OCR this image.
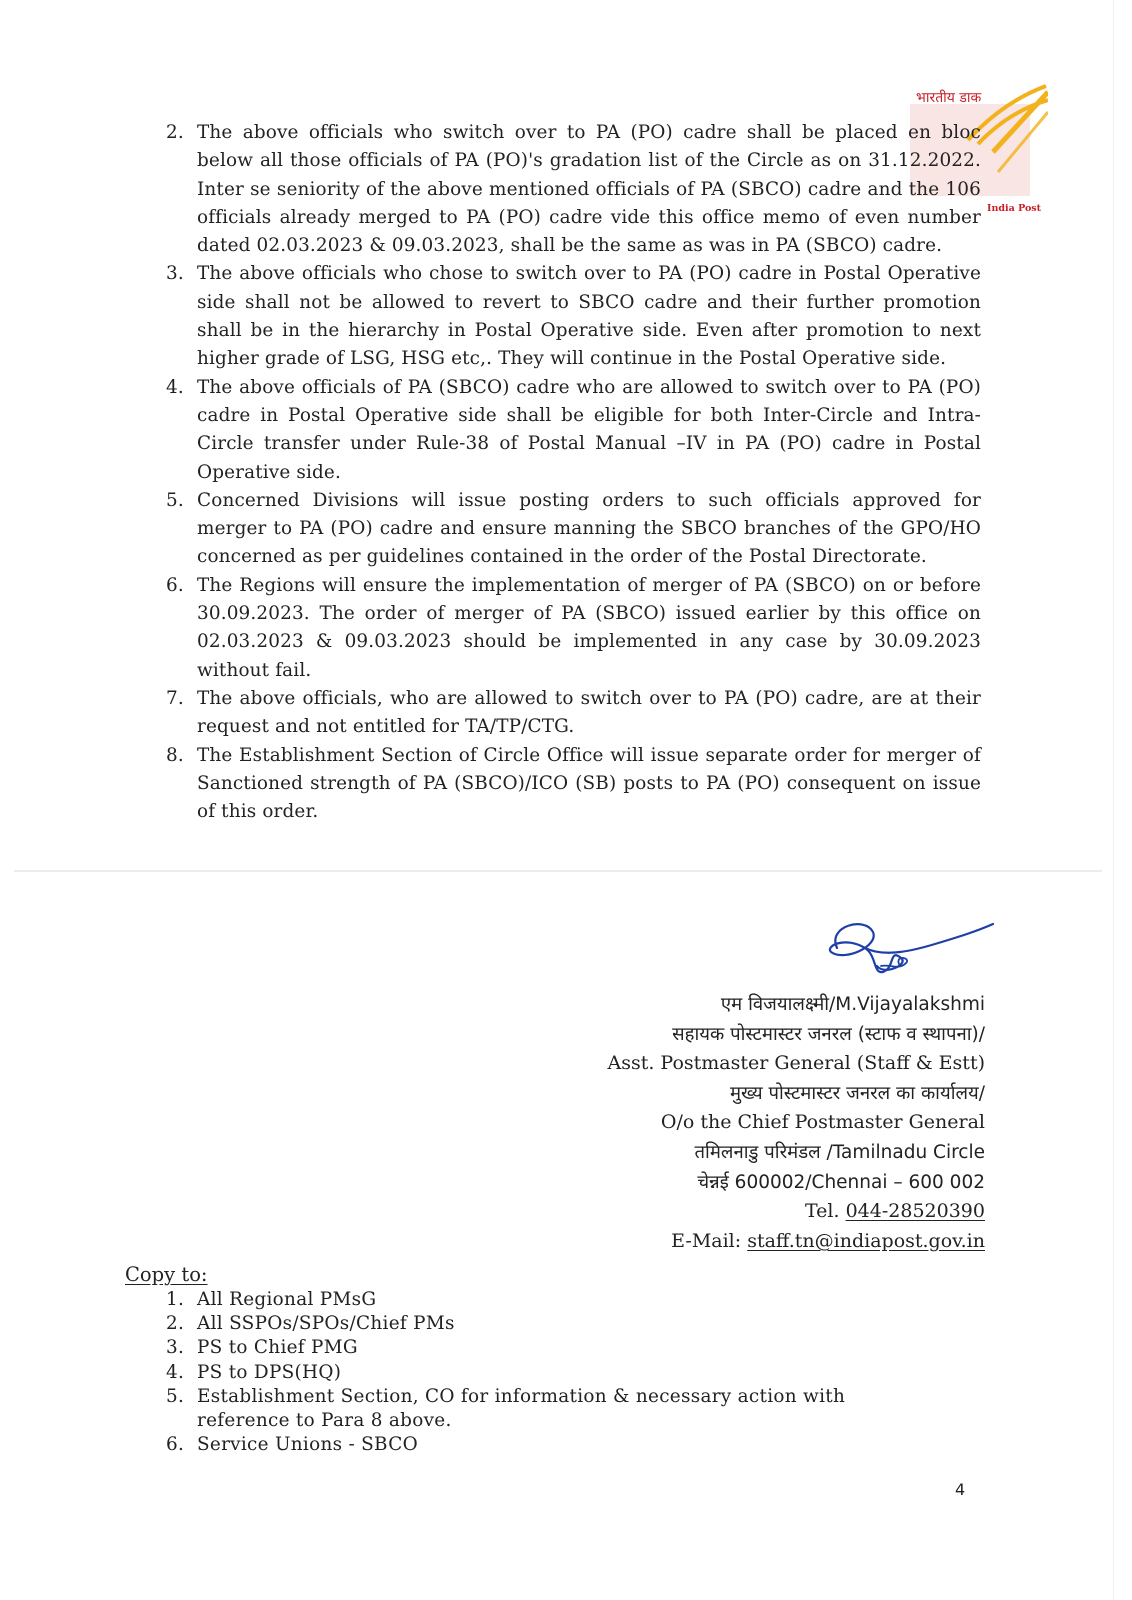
भारतीय डाक
India Post
2. The above officials who switch over to PA (PO) cadre shall be placed en bloc below all those officials of PA (PO)'s gradation list of the Circle as on 31.12.2022. Inter se seniority of the above mentioned officials of PA (SBCO) cadre and the 106 officials already merged to PA (PO) cadre vide this office memo of even number dated 02.03.2023 & 09.03.2023, shall be the same as was in PA (SBCO) cadre.
3. The above officials who chose to switch over to PA (PO) cadre in Postal Operative side shall not be allowed to revert to SBCO cadre and their further promotion shall be in the hierarchy in Postal Operative side. Even after promotion to next higher grade of LSG, HSG etc,. They will continue in the Postal Operative side.
4. The above officials of PA (SBCO) cadre who are allowed to switch over to PA (PO) cadre in Postal Operative side shall be eligible for both Inter-Circle and Intra-Circle transfer under Rule-38 of Postal Manual –IV in PA (PO) cadre in Postal Operative side.
5. Concerned Divisions will issue posting orders to such officials approved for merger to PA (PO) cadre and ensure manning the SBCO branches of the GPO/HO concerned as per guidelines contained in the order of the Postal Directorate.
6. The Regions will ensure the implementation of merger of PA (SBCO) on or before 30.09.2023. The order of merger of PA (SBCO) issued earlier by this office on 02.03.2023 & 09.03.2023 should be implemented in any case by 30.09.2023 without fail.
7. The above officials, who are allowed to switch over to PA (PO) cadre, are at their request and not entitled for TA/TP/CTG.
8. The Establishment Section of Circle Office will issue separate order for merger of Sanctioned strength of PA (SBCO)/ICO (SB) posts to PA (PO) consequent on issue of this order.
एम विजयालक्ष्मी/M.Vijayalakshmi
सहायक पोस्टमास्टर जनरल (स्टाफ व स्थापना)/
Asst. Postmaster General (Staff & Estt)
मुख्य पोस्टमास्टर जनरल का कार्यालय/
O/o the Chief Postmaster General
तमिलनाडु परिमंडल /Tamilnadu Circle
चेन्नई 600002/Chennai – 600 002
Tel. 044-28520390
E-Mail: staff.tn@indiapost.gov.in
Copy to:
1. All Regional PMsG
2. All SSPOs/SPOs/Chief PMs
3. PS to Chief PMG
4. PS to DPS(HQ)
5. Establishment Section, CO for information & necessary action with reference to Para 8 above.
6. Service Unions - SBCO
4
